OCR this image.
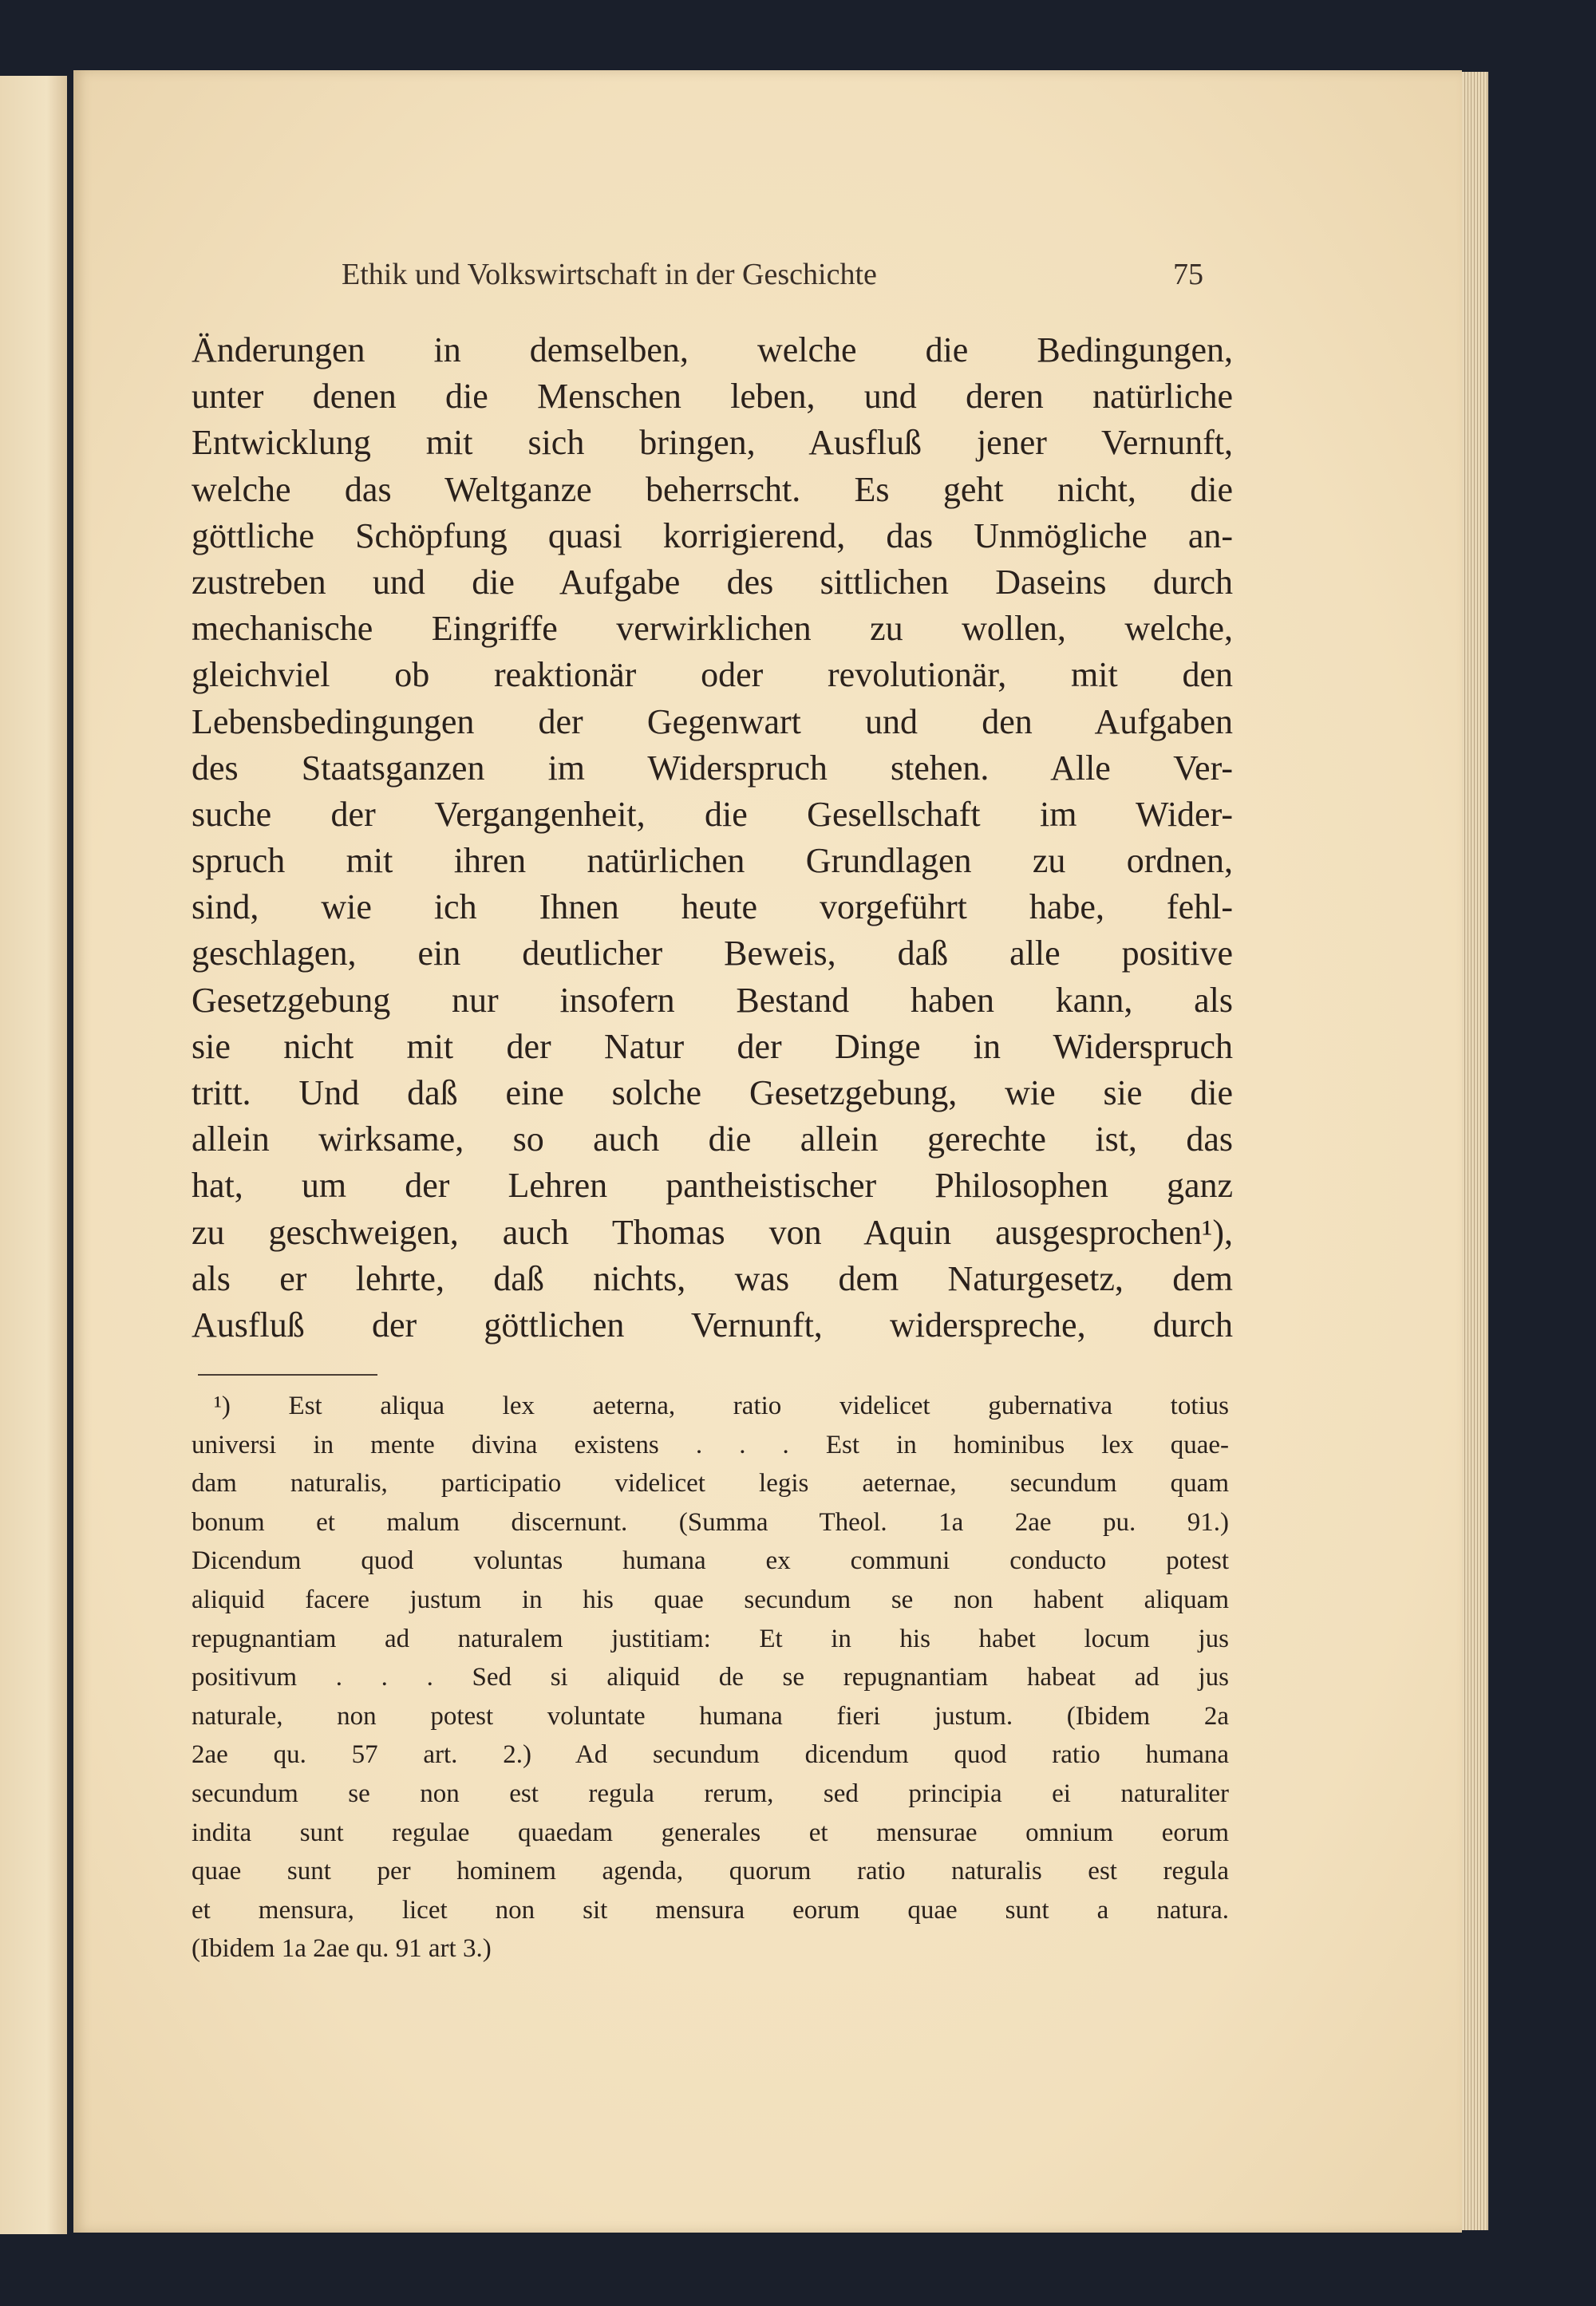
Ethik und Volkswirtschaft in der Geschichte	75
Änderungen in demselben, welche die Bedingungen,
unter denen die Menschen leben, und deren natürliche
Entwicklung mit sich bringen, Ausfluß jener Vernunft,
welche das Weltganze beherrscht. Es geht nicht, die
göttliche Schöpfung quasi korrigierend, das Unmögliche an-
zustreben und die Aufgabe des sittlichen Daseins durch
mechanische Eingriffe verwirklichen zu wollen, welche,
gleichviel ob reaktionär oder revolutionär, mit den
Lebensbedingungen der Gegenwart und den Aufgaben
des Staatsganzen im Widerspruch stehen. Alle Ver-
suche der Vergangenheit, die Gesellschaft im Wider-
spruch mit ihren natürlichen Grundlagen zu ordnen,
sind, wie ich Ihnen heute vorgeführt habe, fehl-
geschlagen, ein deutlicher Beweis, daß alle positive
Gesetzgebung nur insofern Bestand haben kann, als
sie nicht mit der Natur der Dinge in Widerspruch
tritt. Und daß eine solche Gesetzgebung, wie sie die
allein wirksame, so auch die allein gerechte ist, das
hat, um der Lehren pantheistischer Philosophen ganz
zu geschweigen, auch Thomas von Aquin ausgesprochen¹),
als er lehrte, daß nichts, was dem Naturgesetz, dem
Ausfluß der göttlichen Vernunft, widerspreche, durch
¹) Est aliqua lex aeterna, ratio videlicet gubernativa totius
universi in mente divina existens . . . Est in hominibus lex quae-
dam naturalis, participatio videlicet legis aeternae, secundum quam
bonum et malum discernunt. (Summa Theol. 1a 2ae pu. 91.)
Dicendum quod voluntas humana ex communi conducto potest
aliquid facere justum in his quae secundum se non habent aliquam
repugnantiam ad naturalem justitiam: Et in his habet locum jus
positivum . . . Sed si aliquid de se repugnantiam habeat ad jus
naturale, non potest voluntate humana fieri justum. (Ibidem 2a
2ae qu. 57 art. 2.) Ad secundum dicendum quod ratio humana
secundum se non est regula rerum, sed principia ei naturaliter
indita sunt regulae quaedam generales et mensurae omnium eorum
quae sunt per hominem agenda, quorum ratio naturalis est regula
et mensura, licet non sit mensura eorum quae sunt a natura.
(Ibidem 1a 2ae qu. 91 art 3.)
